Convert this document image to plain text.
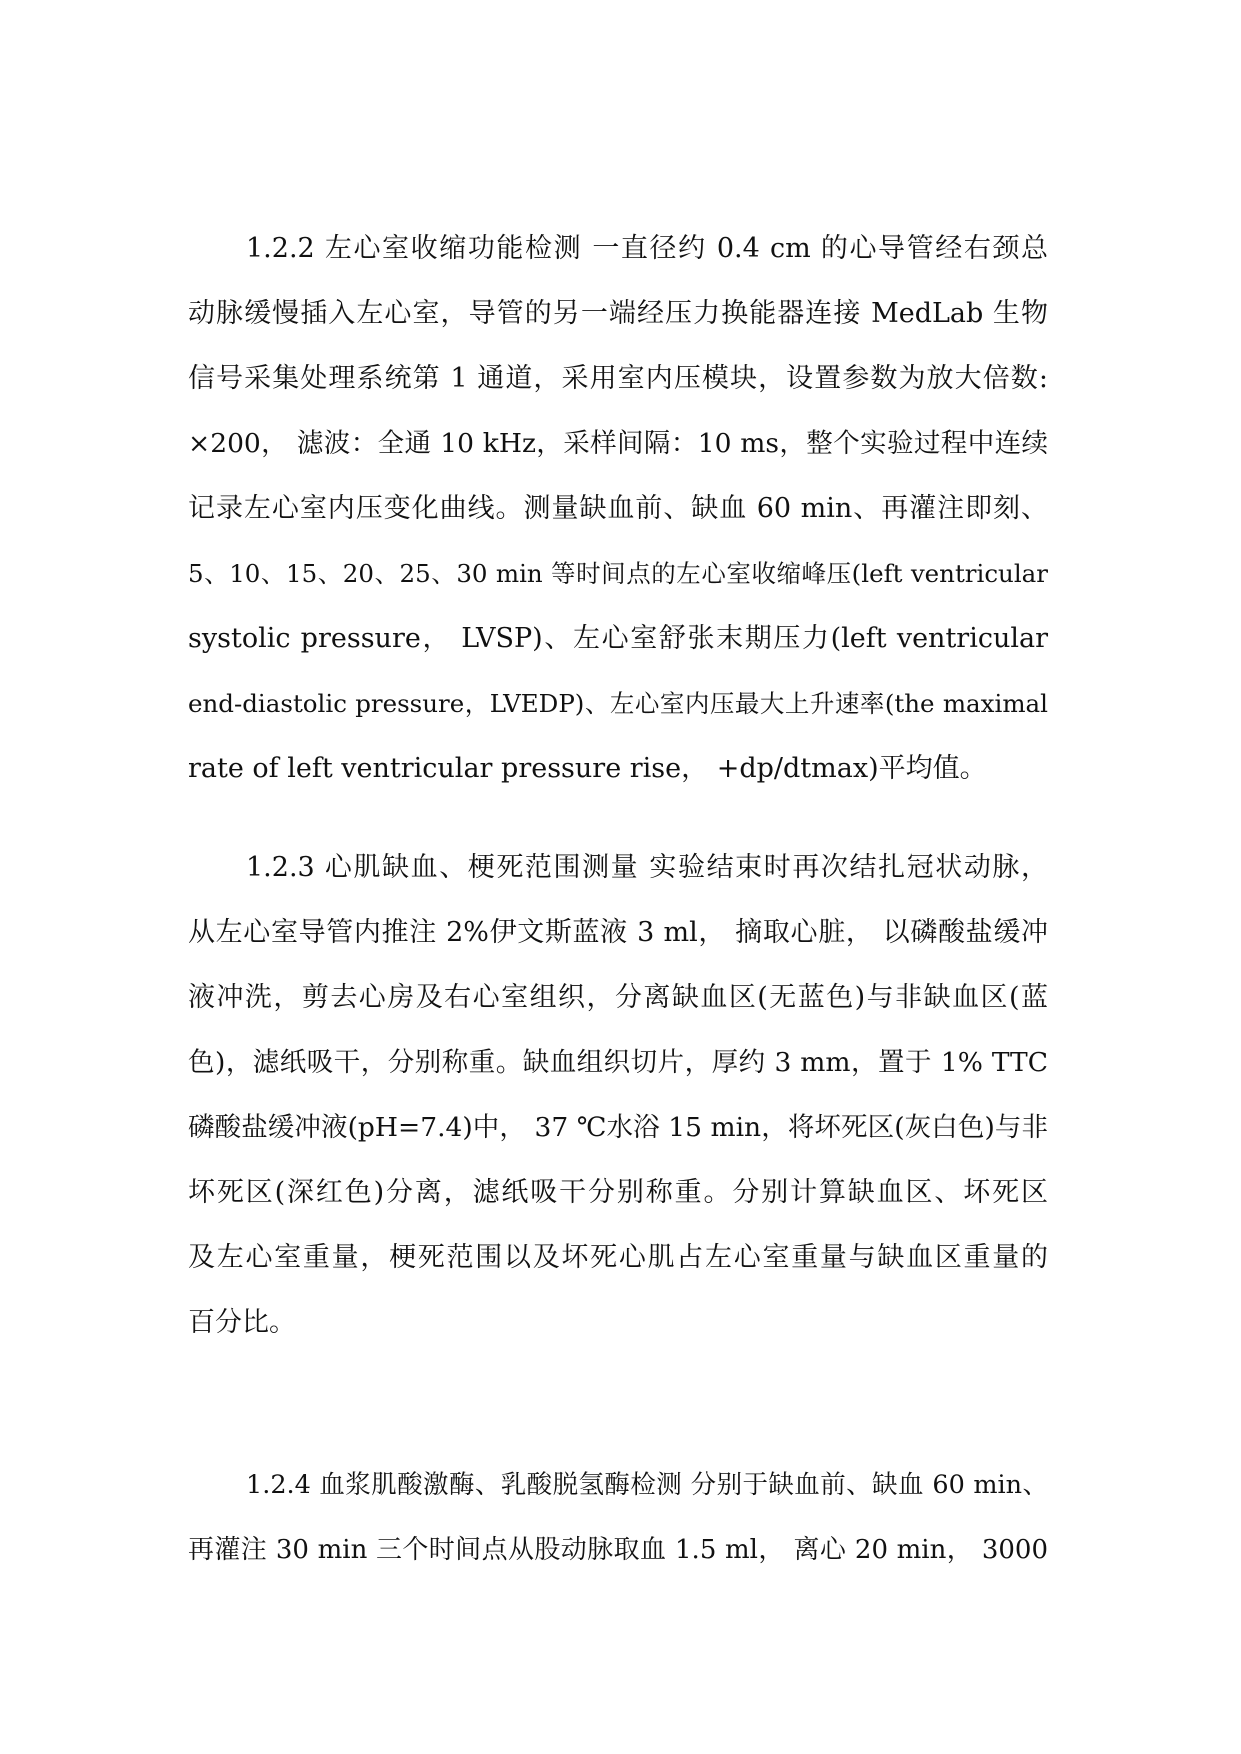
1.2.2 左心室收缩功能检测 一直径约 0.4 cm 的心导管经右颈总
动脉缓慢插入左心室，导管的另一端经压力换能器连接 MedLab 生物
信号采集处理系统第 1 通道，采用室内压模块，设置参数为放大倍数:
×200， 滤波：全通 10 kHz，采样间隔：10 ms，整个实验过程中连续
记录左心室内压变化曲线。测量缺血前、缺血 60 min、再灌注即刻、
5、10、15、20、25、30 min 等时间点的左心室收缩峰压(left ventricular
systolic pressure， LVSP)、左心室舒张末期压力(left ventricular
end-diastolic pressure，LVEDP)、左心室内压最大上升速率(the maximal
rate of left ventricular pressure rise， +dp/dtmax)平均值。
1.2.3 心肌缺血、梗死范围测量 实验结束时再次结扎冠状动脉，
从左心室导管内推注 2%伊文斯蓝液 3 ml， 摘取心脏， 以磷酸盐缓冲
液冲洗，剪去心房及右心室组织，分离缺血区(无蓝色)与非缺血区(蓝
色)，滤纸吸干，分别称重。缺血组织切片，厚约 3 mm，置于 1% TTC
磷酸盐缓冲液(pH=7.4)中， 37 ℃水浴 15 min，将坏死区(灰白色)与非
坏死区(深红色)分离，滤纸吸干分别称重。分别计算缺血区、坏死区
及左心室重量，梗死范围以及坏死心肌占左心室重量与缺血区重量的
百分比。
1.2.4 血浆肌酸激酶、乳酸脱氢酶检测 分别于缺血前、缺血 60 min、
再灌注 30 min 三个时间点从股动脉取血 1.5 ml， 离心 20 min， 3000
